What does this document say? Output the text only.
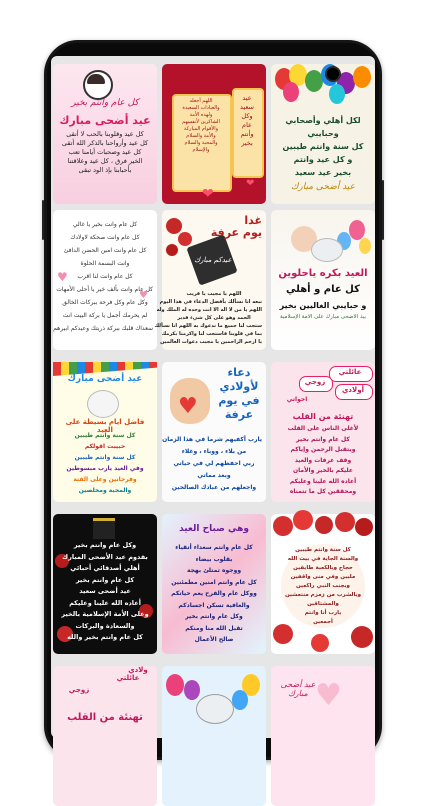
كل عام وانتم بخير
عيد أضحى مبارك
كل عيد وقلوبنا بالحب لا أنقى
كل عيد وأرواحنا بالذكر الله أتقى
كل عيد وصحبات أيامنا تعب
الخير فرق ، كل عيد وعلاقتنا
بأحبابنا بإذ الود تبقى
اللهم أجعله
والعبادات السعيدة
ولهذه الأمة
الشاكرين لأنفسهم
والأقوام المباركة
والأمة والسلام
والمحبة والسلام
والإسلام
عيد
سعيد
وكل
عام
وأنتم
بخير
❤
❤
لكل أهلي وأصحابي
وحبايبي
كل سنة وانتم طيبين
و كل عيد وانتم
بخير عيد سعيد
عيد أضحى مبارك
كل عام وانت بخير يا غالي
كل عام وانت صحكة لاولادك
كل عام وانت امين الحضن الدافئ
وانت البسمة الحلوة
كل عام وانت لنا اقرب
كل عام وانت بألف خير يا أحلى الأمهات
وكل عام وكل فرحة ببركات الخالق
لم يحرمك أجمل يا بركة البيت انت
سعداك قلبك ببركة ذريتك وعيدكم ابيرهم
♥
♥
غدا
يوم عرفة
عيدكم مبارك
اللهم يا مجيب يا قريب
نبعه انا نسألك بأفضل الدعاء في هذا اليوم
اللهم يا من لا اله الا انت وحده له الملك وله
الحمد وهو على كل شيء قدير
ستجب لنا جميع ما ندعوك به اللهم انا نسألك
بما في قلوبنا فاستجب لنا واكرمنا بكرمك
يا ارحم الراحمين يا مجيب دعوات العالمين
العيد بكره ياحلوين
كل عام و أهلي
و حبايبي الغاليين بخير
بيد الاضحى مبارك على الامة الإسلامية
عيد أضحى مبارك
فاضل ايام بسيطة على العيد
كل سنة وانتم طيبين
حبيبت اقولكم
كل سنة وانتم طيبين
وفي العيد يارب مبسوطين
وفرحانين وعلى الفتة
والمحبة ومخلصين
♥
دعاء
لأولادي
في يوم
عرفة
يارب أكفيهم شرما في هذا الزمان
من بلاء ، ووباء ، وغلاء
ربي احفظهم لي في حياتي
وبعد مماتي
واجعلهم من عبادك الصالحين
عائلتي
أولادي
زوجي
اخواتي
تهنئة من القلب
لأغلى الناس على القلب
كل عام وانتم بخير
ويتقبل الرحمن وإياكم
وقف عرفات والعيد
عليكم بالخير والأمان
أعاده الله علينا وعليكم
ومحققين كل ما تتمناه
وكل عام وانتم بخير
بقدوم عيد الأضحى المبارك
أهلي أصدقائي أحبائي
كل عام وانتم بخير
عيد أضحى سعيد
أعاده الله علينا وعليكم
وعلى الأمة الإسلامية بالخير
والسعادة والبركات
كل عام وانتم بخير والله
وهي صباح العيد
كل عام وانتم سعداء أتقياء
بقلوب بيضاء
ووجوه تمتلئ بهجة
كل عام وانتم امنين مطمئنين
ووكل عام والفرح يعم حياتكم
والعافية تسكن اجسادكم
وكل عام وانتم بخير
تقبل الله منا ومنكم
صالح الأعمال
كل سنة وانتم طيبين
والسنة الجاية في بيت الله
حجاج وبالكعبة طايفين
ملبين وفي منى واقفين
وبجنب النبي راكعين
وبالشرب من زمزم منتعشين
والمشتاقين
يارب أنا وانتم
أجمعين
عائلتي
ولادي
زوجي
تهنئة من القلب
♥
عيد أضحى مبارك
